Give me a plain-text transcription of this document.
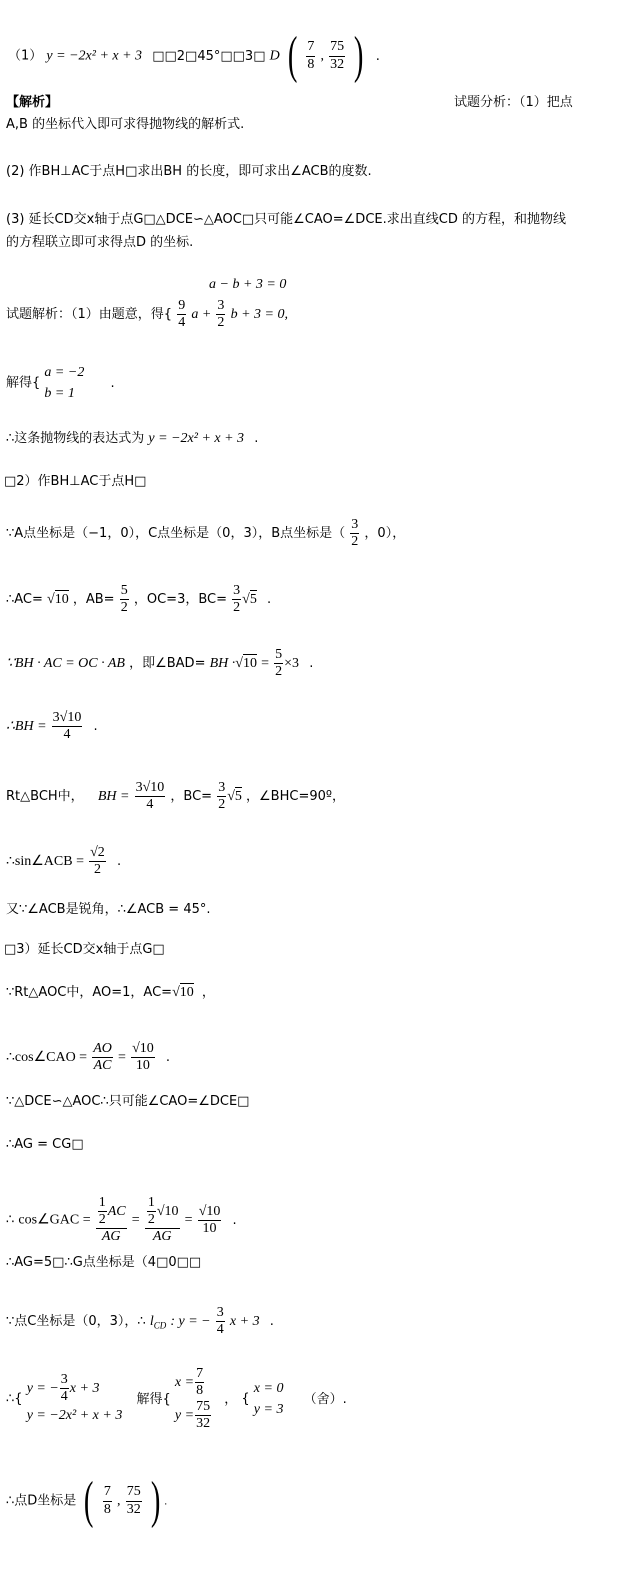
（1） y = −2x² + x + 3 □□2□45°□□3□ D ( $\frac{7}{8}$ , $\frac{75}{32}$ ) .
【解析】	试题分析：（1）把点
A,B 的坐标代入即可求得抛物线的解析式.
(2) 作BH⊥AC于点H□求出BH 的长度，即可求出∠ACB的度数.
(3) 延长CD交x轴于点G□△DCE∽△AOC□只可能∠CAO=∠DCE.求出直线CD 的方程，和抛物线
的方程联立即可求得点D 的坐标.
a − b + 3 = 0
试题解析：（1）由题意，得{ $\frac{9}{4}$ $a + \frac{3}{2}$ b + 3 = 0,
解得{
a = −2
b = 1
.
∴这条抛物线的表达式为 y = −2x² + x + 3 .
□2）作BH⊥AC于点H□
∵A点坐标是（−1，0），C点坐标是（0，3），B点坐标是（ $\frac{3}{2}$ ，0），
∴AC= √10 ，$AB= \frac{5}{2}$ ，OC=3，$BC= \frac{3}{2} √5$ .
∵BH · AC = OC · AB ，即∠BAD= BH $\cdot√10 = \frac{5}{2} \times 3$ .
∴BH = $\frac{3√10}{4}$ .
Rt△BCH中， BH = $\frac{3√10}{4}$ ，$BC= \frac{3}{2} √5$ ，∠BHC=90º，
∴sin∠ACB = $\frac{√2}{2}$ .
又∵∠ACB是锐角，∴∠ACB = 45°.
□3）延长CD交x轴于点G□
∵Rt△AOC中，AO=1，AC=√10 ，
∴cos∠CAO = $\frac{AO}{AC} = \frac{√10}{10}$ .
∵△DCE∽△AOC∴只可能∠CAO=∠DCE□
∴AG = CG□
∴ cos∠GAC = $\frac{\frac{1}{2} AC}{AG} = \frac{\frac{1}{2} √10}{AG} = \frac{√10}{10}$ .
∴AG=5□∴G点坐标是（4□0□□
∵点C坐标是（0，3），∴ $l_{CD}$ : y = − $\frac{3}{4}$ x + 3 .
∴{
y = − $\frac{3}{4}$ x + 3
y = −2x² + x + 3
解得{
$x = \frac{7}{8}$
$y = \frac{75}{32}$ ， {
x = 0
y = 3
（舍）.
∴点D坐标是 ( $\frac{7}{8}$ , $\frac{75}{32}$ ) .
